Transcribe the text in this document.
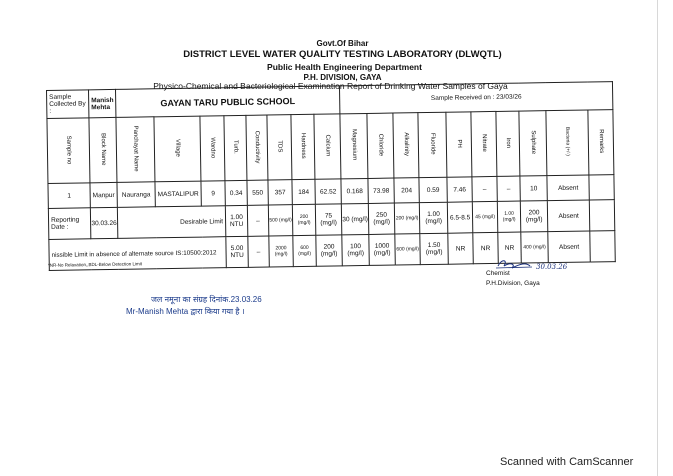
Govt.Of Bihar
DISTRICT LEVEL WATER QUALITY TESTING LABORATORY (DLWQTL)
Public Health Engineering Department
P.H. DIVISION, GAYA
Physico-Chemical and Bacteriological Examination Report of Drinking Water Samples of Gaya
Sample Collected By :	Manish Mehta	GAYAN TARU PUBLIC SCHOOL								Sample Received on : 23/03/26									

Sample no	Block Name	Panchayat Name	Village	Wardno	Turb.	Conductivity	TDS	Hardness	Calcium	Magnesium	Chloride	Alkalinity	Fluoride	PH	Nitrate	Iron	Sulphate	Bacteria (+/-)	Remarks

1	Manpur	Nauranga	MASTALIPUR	9	0.34	550	357	184	62.52	0.168	73.98	204	0.59	7.46	–	–	10	Absent	
Reporting Date :	30.03.26	Desirable Limit			1.00 NTU	–	500 (mg/l)	200 (mg/l)	75 (mg/l)	30 (mg/l)	250 (mg/l)	200 (mg/l)	1.00 (mg/l)	6.5-8.5	45 (mg/l)	1.00 (mg/l)	200 (mg/l)	Absent	
nissible Limit in absence of alternate source IS:10500:2012					5.00 NTU	–	2000 (mg/l)	600 (mg/l)	200 (mg/l)	100 (mg/l)	1000 (mg/l)	600 (mg/l)	1.50 (mg/l)	NR	NR	NR	400 (mg/l)	Absent	
*NR-No Relaxation,,BDL-Below Detection Limit	30.03.26
Chemist
P.H.Division, Gaya
जल नमूना का संग्रह दिनांक.23.03.26
Mr-Manish Mehta द्वारा किया गया है ।
Scanned with CamScanner
